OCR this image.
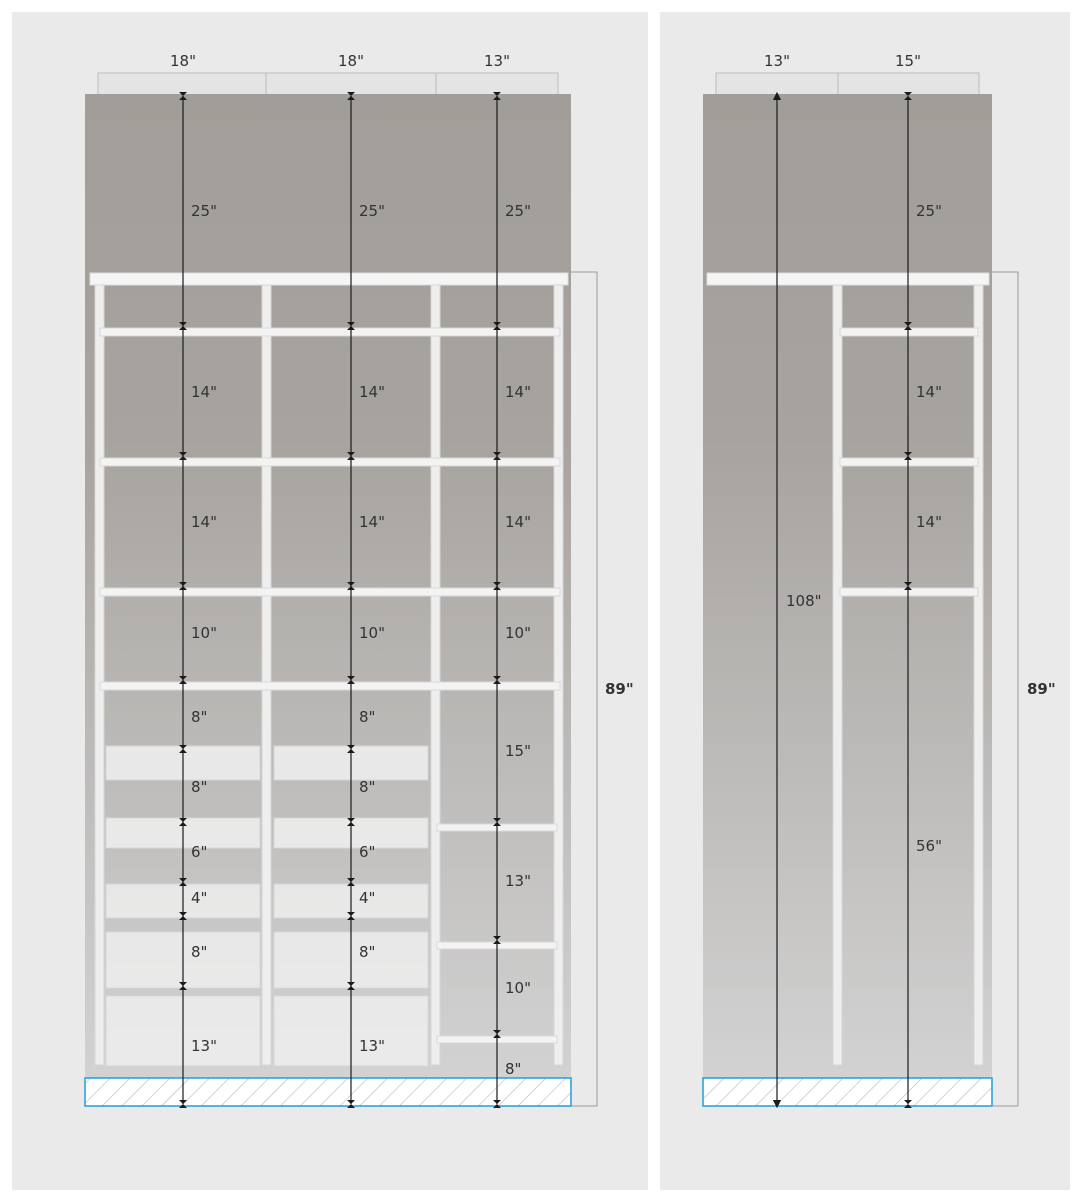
18"	18"	13"
89"
25"
14"
14"
10"
8"
8"
6"
4"
8"
13"
25"
14"
14"
10"
8"
8"
6"
4"
8"
13"
25"
14"
14"
10"
15"
13"
10"
8"
13"	15"
89"
108"
25"
14"
14"
56"
